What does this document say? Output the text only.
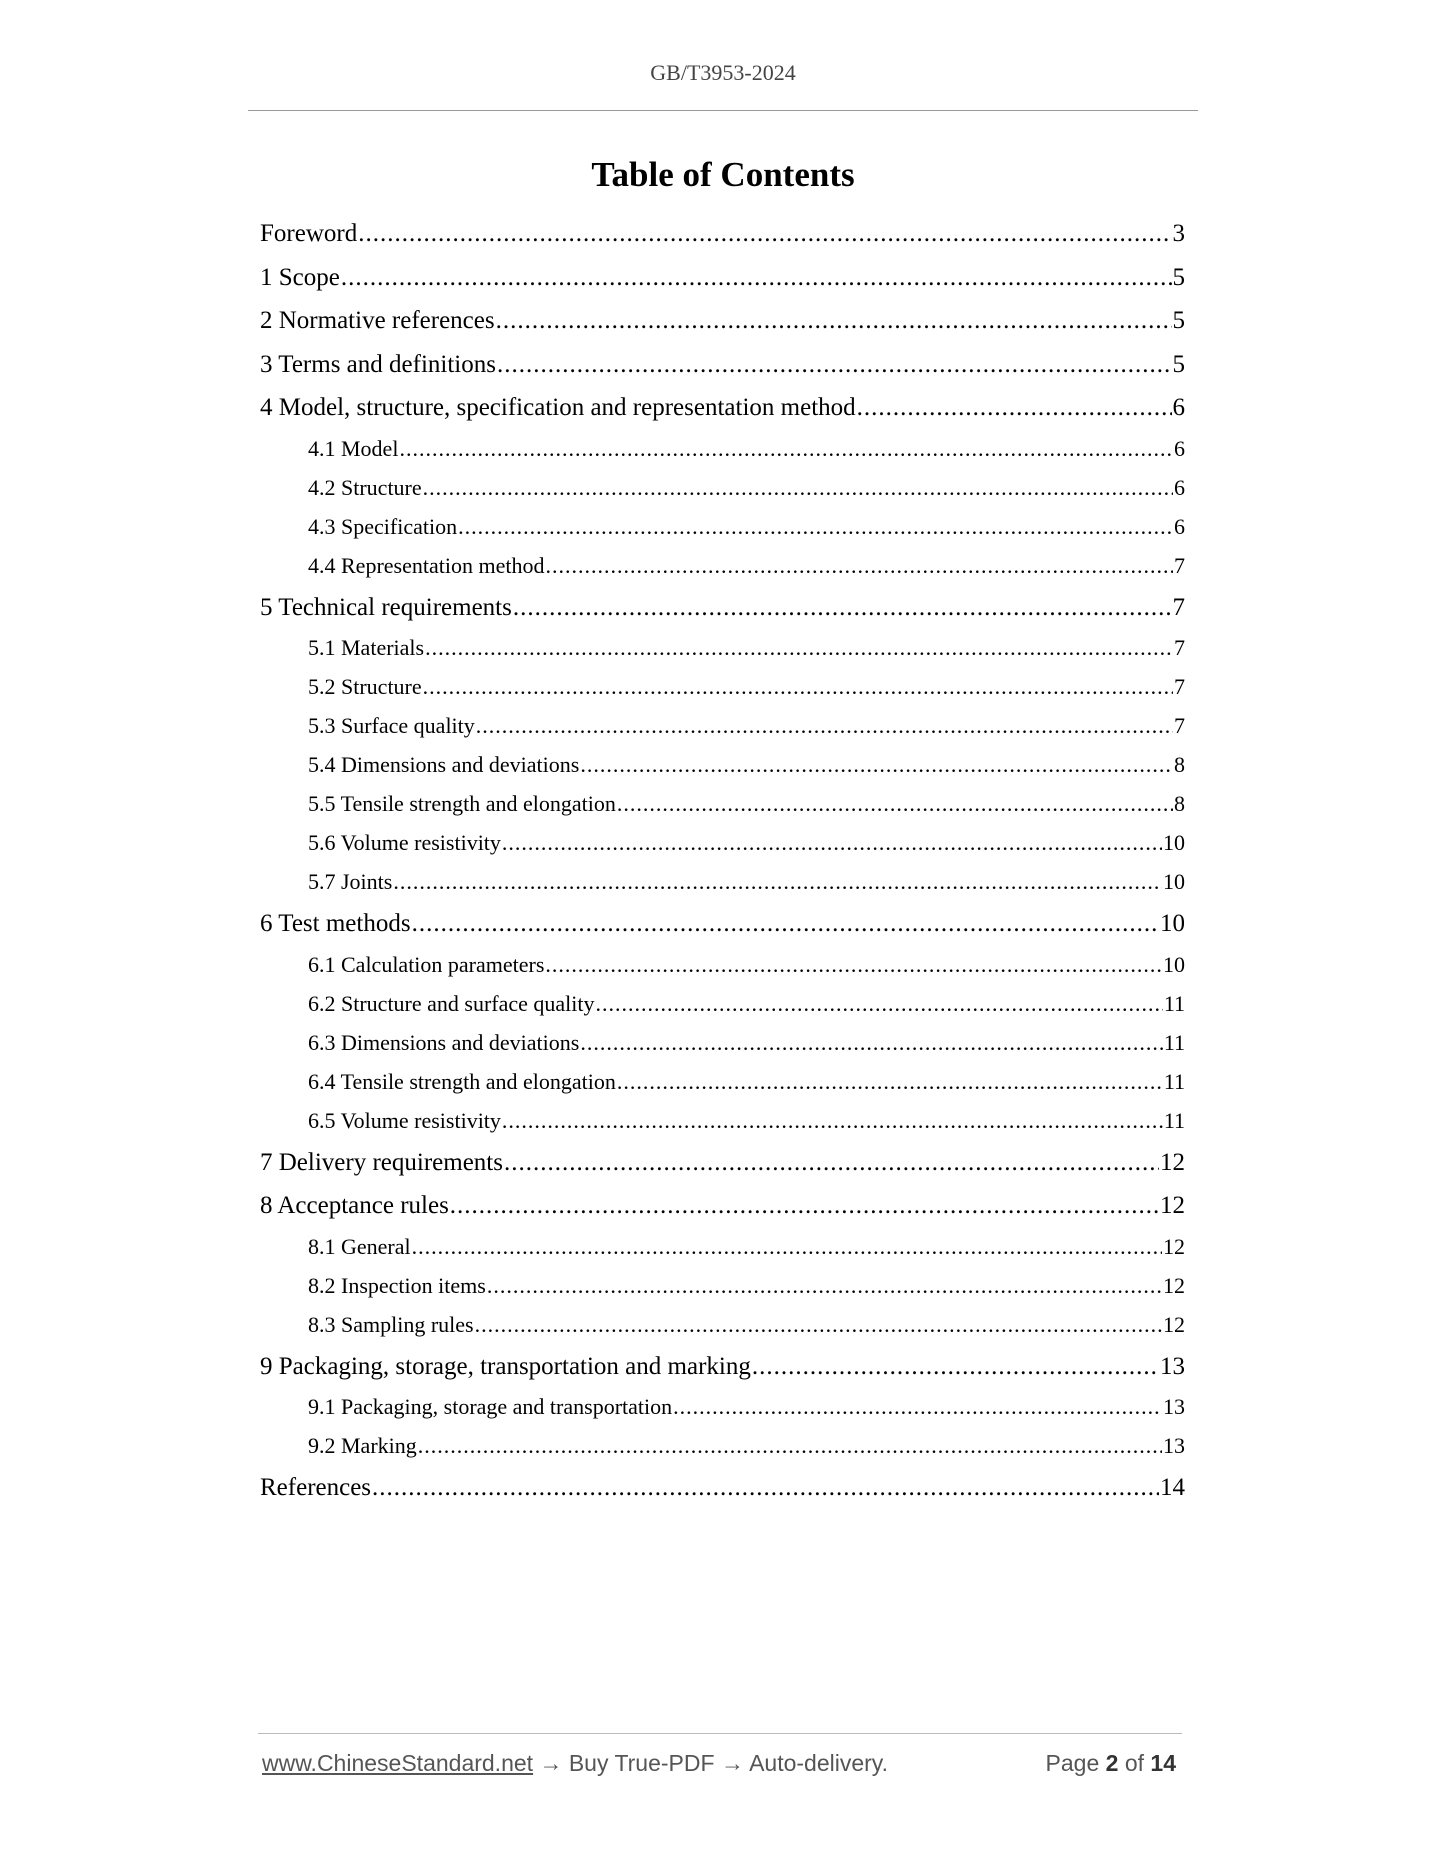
GB/T3953-2024
Table of Contents
Foreword .....	3
1 Scope .....	5
2 Normative references .....	5
3 Terms and definitions .....	5
4 Model, structure, specification and representation method .....	6
4.1 Model .....	6
4.2 Structure .....	6
4.3 Specification .....	6
4.4 Representation method .....	7
5 Technical requirements .....	7
5.1 Materials .....	7
5.2 Structure .....	7
5.3 Surface quality .....	7
5.4 Dimensions and deviations .....	8
5.5 Tensile strength and elongation .....	8
5.6 Volume resistivity .....	10
5.7 Joints .....	10
6 Test methods .....	10
6.1 Calculation parameters .....	10
6.2 Structure and surface quality .....	11
6.3 Dimensions and deviations .....	11
6.4 Tensile strength and elongation .....	11
6.5 Volume resistivity .....	11
7 Delivery requirements .....	12
8 Acceptance rules .....	12
8.1 General .....	12
8.2 Inspection items .....	12
8.3 Sampling rules .....	12
9 Packaging, storage, transportation and marking .....	13
9.1 Packaging, storage and transportation .....	13
9.2 Marking .....	13
References .....	14
www.ChineseStandard.net → Buy True-PDF → Auto-delivery.	Page 2 of 14
